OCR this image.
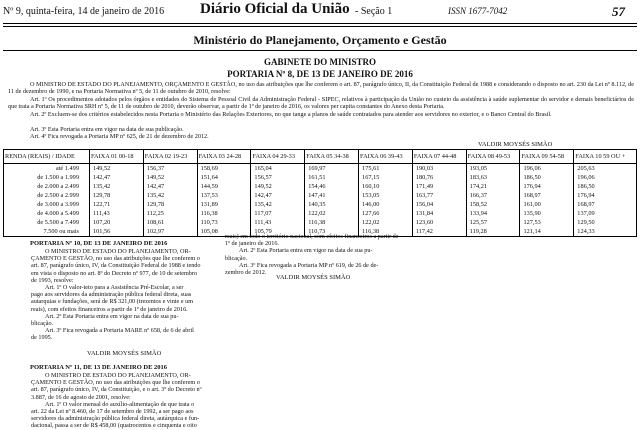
Nº 9, quinta-feira, 14 de janeiro de 2016 Diário Oficial da União - Seção 1	ISSN 1677-7042	57
Ministério do Planejamento, Orçamento e Gestão
GABINETE DO MINISTRO
PORTARIA Nº 8, DE 13 DE JANEIRO DE 2016
O MINISTRO DE ESTADO DO PLANEJAMENTO, ORÇAMENTO E GESTÃO, no uso das atribuições que lhe conferem o art. 87, parágrafo único, II, da Constituição Federal de 1988 e considerando o disposto no art. 230 da Lei nº 8.112, de 11 de dezembro de 1990, e na Portaria Normativa nº 5, de 11 de outubro de 2010, resolve:
Art. 1º Os procedimentos adotados pelos órgãos e entidades do Sistema de Pessoal Civil da Administração Federal - SIPEC, relativos à participação da União no custeio da assistência à saúde suplementar do servidor e demais beneficiários de que trata a Portaria Normativa SRH nº 5, de 11 de outubro de 2010, deverão observar, a partir de 1º de janeiro de 2016, os valores per capita constantes do Anexo desta Portaria.
Art. 2º Excluem-se dos critérios estabelecidos nesta Portaria o Ministério das Relações Exteriores, no que tange a planos de saúde contratados para atender aos servidores no exterior, e o Banco Central do Brasil.
Art. 3º Esta Portaria entra em vigor na data de sua publicação.
Art. 4º Fica revogada a Portaria MP nº 625, de 21 de dezembro de 2012.
VALDIR MOYSÉS SIMÃO
RENDA (REAIS) / IDADE	FAIXA 01 00-18	FAIXA 02 19-23	FAIXA 03 24-28	FAIXA 04 29-33	FAIXA 05 34-38	FAIXA 06 39-43	FAIXA 07 44-48	FAIXA 08 49-53	FAIXA 09 54-58	FAIXA 10 59 OU +
até 1.499	149,52	156,37	158,69	165,04	169,97	175,61	190,03	193,05	196,06	205,63
de 1.500 a 1.999	142,47	149,52	151,64	156,57	161,51	167,15	180,76	183,63	186,50	196,06
de 2.000 a 2.499	135,42	142,47	144,59	149,52	154,46	160,10	171,49	174,21	176,94	186,50
de 2.500 a 2.999	129,78	135,42	137,53	142,47	147,41	153,05	163,77	166,37	168,97	176,94
de 3.000 a 3.999	122,71	129,78	131,89	135,42	140,35	146,00	156,04	158,52	161,00	168,97
de 4.000 a 5.499	111,43	112,25	116,38	117,07	122,02	127,66	131,84	133,94	135,90	137,09
de 5.500 a 7.499	107,20	108,61	110,73	111,43	116,38	122,02	123,60	125,57	127,53	129,50
7.500 ou mais	101,56	102,97	105,08	105,79	110,73	116,38	117,42	119,28	121,14	124,33
PORTARIA Nº 10, DE 13 DE JANEIRO DE 2016
O MINISTRO DE ESTADO DO PLANEJAMENTO, OR-
ÇAMENTO E GESTÃO, no uso das atribuições que lhe conferem o
art. 87, parágrafo único, IV, da Constituição Federal de 1988 e tendo
em vista o disposto no art. 8º do Decreto nº 977, de 10 de setembro
de 1993, resolve:
Art. 1º O valor-teto para a Assistência Pré-Escolar, a ser
pago aos servidores da administração pública federal direta, suas
autarquias e fundações, será de R$ 321,00 (trezentos e vinte e um
reais), com efeitos financeiros a partir de 1º de janeiro de 2016.
Art. 2º Esta Portaria entra em vigor na data de sua pu-
blicação.
Art. 3º Fica revogada a Portaria MARE nº 658, de 6 de abril
de 1995.
VALDIR MOYSÉS SIMÃO
PORTARIA Nº 11, DE 13 DE JANEIRO DE 2016
O MINISTRO DE ESTADO DO PLANEJAMENTO, OR-
ÇAMENTO E GESTÃO, no uso das atribuições que lhe conferem o
art. 87, parágrafo único, IV, da Constituição, e o art. 3º do Decreto nº
3.887, de 16 de agosto de 2001, resolve:
Art. 1º O valor mensal do auxílio-alimentação de que trata o
art. 22 da Lei nº 8.460, de 17 de setembro de 1992, a ser pago aos
servidores da administração pública federal direta, autárquica e fun-
dacional, passa a ser de R$ 458,00 (quatrocentos e cinquenta e oito
reais) em todo o território nacional, com efeitos financeiros a partir de
1º de janeiro de 2016.
Art. 2º Esta Portaria entra em vigor na data de sua pu-
blicação.
Art. 3º Fica revogada a Portaria MP nº 619, de 26 de de-
zembro de 2012.
VALDIR MOYSÉS SIMÃO
